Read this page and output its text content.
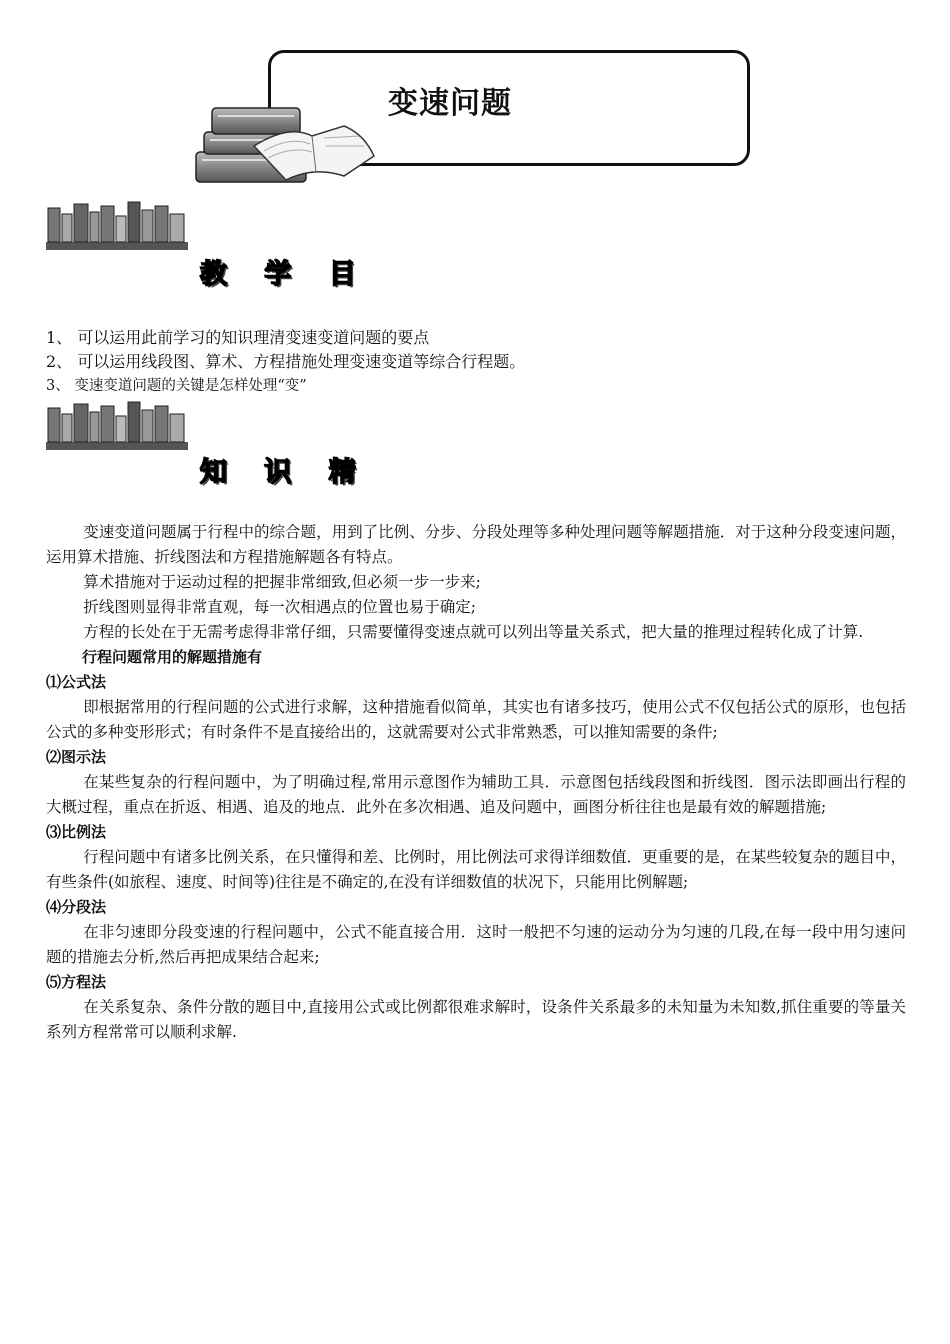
变速问题
教 学 目
1、 可以运用此前学习的知识理清变速变道问题的要点
2、 可以运用线段图、算术、方程措施处理变速变道等综合行程题。
3、 变速变道问题的关键是怎样处理“变”
知 识 精

变速变道问题属于行程中的综合题，用到了比例、分步、分段处理等多种处理问题等解题措施．对于这种分段变速问题，运用算术措施、折线图法和方程措施解题各有特点。

算术措施对于运动过程的把握非常细致,但必须一步一步来;

折线图则显得非常直观，每一次相遇点的位置也易于确定;

方程的长处在于无需考虑得非常仔细，只需要懂得变速点就可以列出等量关系式，把大量的推理过程转化成了计算.

行程问题常用的解题措施有

⑴公式法

即根据常用的行程问题的公式进行求解，这种措施看似简单，其实也有诸多技巧，使用公式不仅包括公式的原形，也包括公式的多种变形形式；有时条件不是直接给出的，这就需要对公式非常熟悉，可以推知需要的条件;

⑵图示法

在某些复杂的行程问题中，为了明确过程,常用示意图作为辅助工具．示意图包括线段图和折线图．图示法即画出行程的大概过程，重点在折返、相遇、追及的地点．此外在多次相遇、追及问题中，画图分析往往也是最有效的解题措施;

⑶比例法

行程问题中有诸多比例关系，在只懂得和差、比例时，用比例法可求得详细数值．更重要的是，在某些较复杂的题目中，有些条件(如旅程、速度、时间等)往往是不确定的,在没有详细数值的状况下，只能用比例解题;

⑷分段法

在非匀速即分段变速的行程问题中，公式不能直接合用．这时一般把不匀速的运动分为匀速的几段,在每一段中用匀速问题的措施去分析,然后再把成果结合起来;

⑸方程法

在关系复杂、条件分散的题目中,直接用公式或比例都很难求解时，设条件关系最多的未知量为未知数,抓住重要的等量关系列方程常常可以顺利求解.
